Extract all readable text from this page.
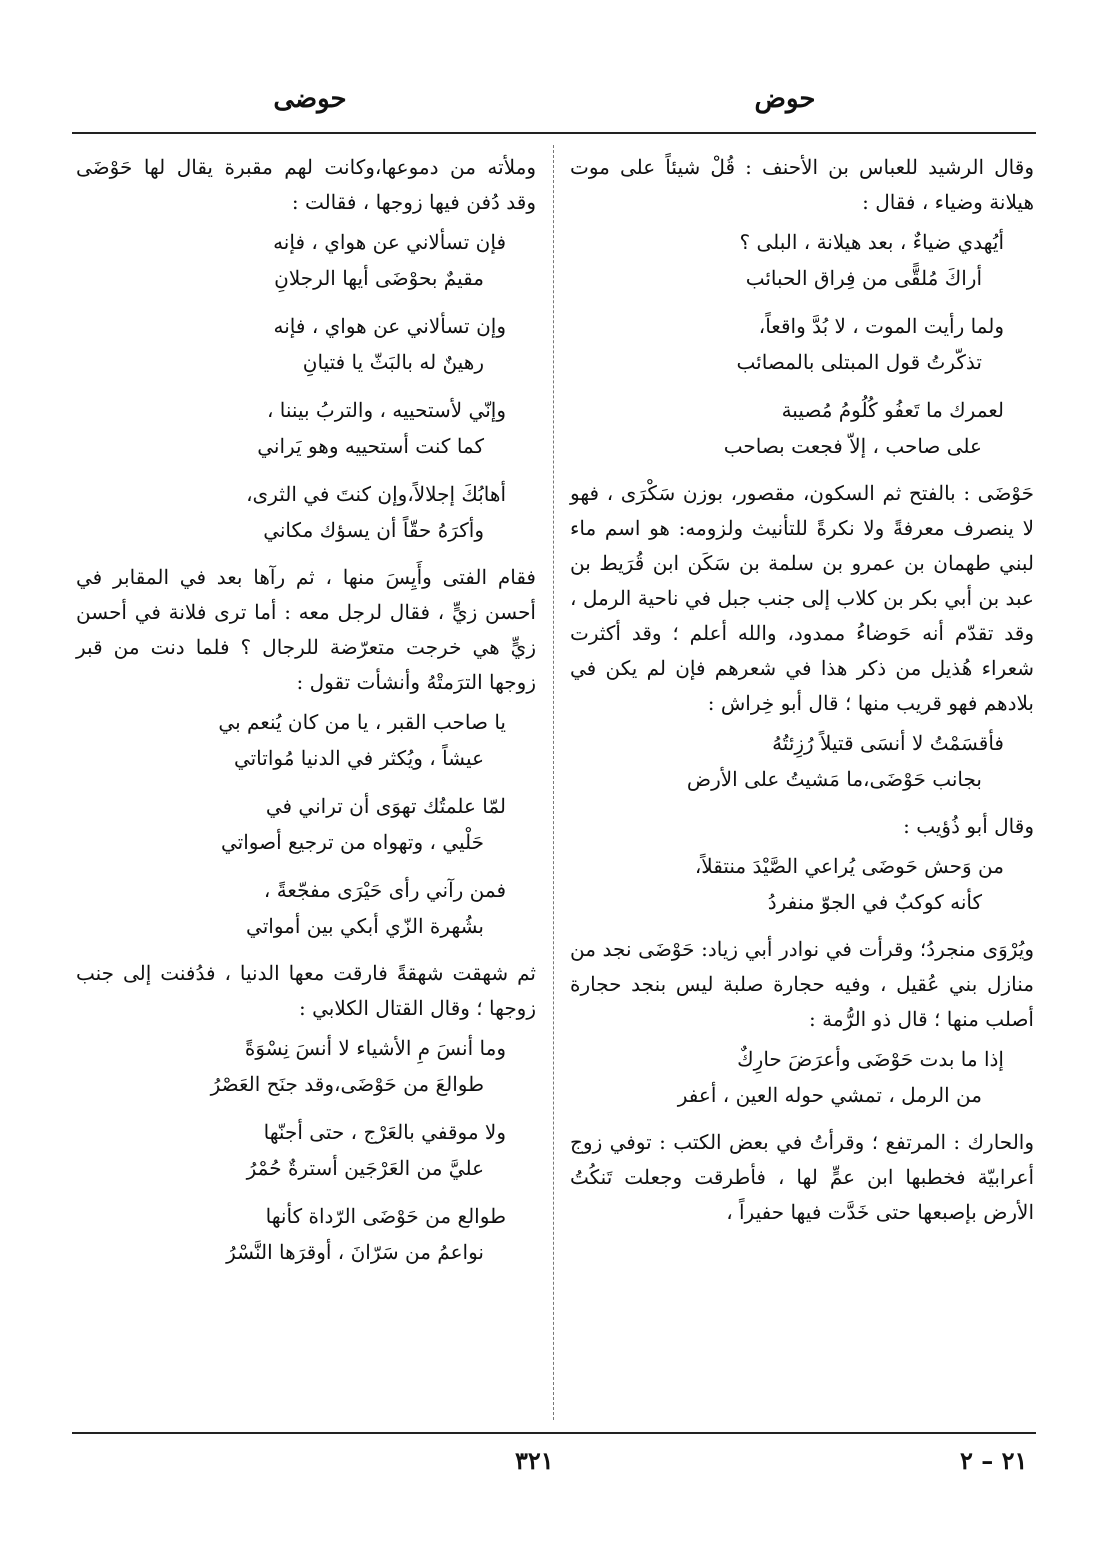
حوض
حوضى

وقال الرشيد للعباس بن الأحنف : قُلْ شيئاً على موت هيلانة وضياء ، فقال :

أيُهدي ضياءٌ ، بعد هيلانة ، البلى ؟
أراكَ مُلقًّى من فِراق الحبائب
ولما رأيت الموت ، لا بُدَّ واقعاً،
تذكّرتُ قول المبتلى بالمصائب
لعمرك ما تَعفُو كُلُومُ مُصيبة
على صاحب ، إلاّ فجعت بصاحب

حَوْضَى : بالفتح ثم السكون، مقصور، بوزن سَكْرَى ، فهو لا ينصرف معرفةً ولا نكرةً للتأنيث ولزومه: هو اسم ماء لبني طهمان بن عمرو بن سلمة بن سَكَن ابن قُرَيط بن عبد بن أبي بكر بن كلاب إلى جنب جبل في ناحية الرمل ، وقد تقدّم أنه حَوضاءُ ممدود، والله أعلم ؛ وقد أكثرت شعراء هُذيل من ذكر هذا في شعرهم فإن لم يكن في بلادهم فهو قريب منها ؛ قال أبو خِراش :

فأقسَمْتُ لا أنسَى قتيلاً رُزِئتُهُ
بجانب حَوْضَى،ما مَشيتُ على الأرض

وقال أبو ذُؤيب :

من وَحش حَوضَى يُراعي الصَّيْدَ منتقلاً،
كأنه كوكبٌ في الجوّ منفردُ

ويُرْوَى منجردُ؛ وقرأت في نوادر أبي زياد: حَوْضَى نجد من منازل بني عُقيل ، وفيه حجارة صلبة ليس بنجد حجارة أصلب منها ؛ قال ذو الرُّمة :

إذا ما بدت حَوْضَى وأعرَضَ حارِكٌ
من الرمل ، تمشي حوله العين ، أعفر

والحارك : المرتفع ؛ وقرأتُ في بعض الكتب : توفي زوج أعرابيّة فخطبها ابن عمٍّ لها ، فأطرقت وجعلت تَنكُتُ الأرض بإصبعها حتى خَدَّت فيها حفيراً ،

وملأته من دموعها،وكانت لهم مقبرة يقال لها حَوْضَى وقد دُفن فيها زوجها ، فقالت :

فإن تسألاني عن هواي ، فإنه
مقيمٌ بحوْضَى أيها الرجلانِ
وإن تسألاني عن هواي ، فإنه
رهينٌ له بالبَثّ يا فتيانِ
وإنّي لأستحييه ، والتربُ بيننا ،
كما كنت أستحييه وهو يَراني
أهابُكَ إجلالاً،وإن كنتَ في الثرى،
وأكرَهُ حقّاً أن يسؤك مكاني

فقام الفتى وأَيِسَ منها ، ثم رآها بعد في المقابر في أحسن زيٍّ ، فقال لرجل معه : أما ترى فلانة في أحسن زيٍّ هي خرجت متعرّضة للرجال ؟ فلما دنت من قبر زوجها الترَمتْهُ وأنشأت تقول :

يا صاحب القبر ، يا من كان يُنعم بي
عيشاً ، ويُكثر في الدنيا مُواتاتي
لمّا علمتُك تهوَى أن تراني في
حَلْيي ، وتهواه من ترجيع أصواتي
فمن رآني رأى حَيْرَى مفجّعةً ،
بشُهرة الزّي أبكي بين أمواتي

ثم شهقت شهقةً فارقت معها الدنيا ، فدُفنت إلى جنب زوجها ؛ وقال القتال الكلابي :

وما أنسَ مِ الأشياء لا أنسَ نِسْوَةً
طوالعَ من حَوْضَى،وقد جنَح العَصْرُ
ولا موقفي بالعَرْج ، حتى أجنّها
عليَّ من العَرْجَين أسترةٌ حُمْرُ
طوالع من حَوْضَى الرّداة كأنها
نواعمُ من سَرّانَ ، أوقرَها النَّسْرُ
٣٢١	٢١ – ٢
